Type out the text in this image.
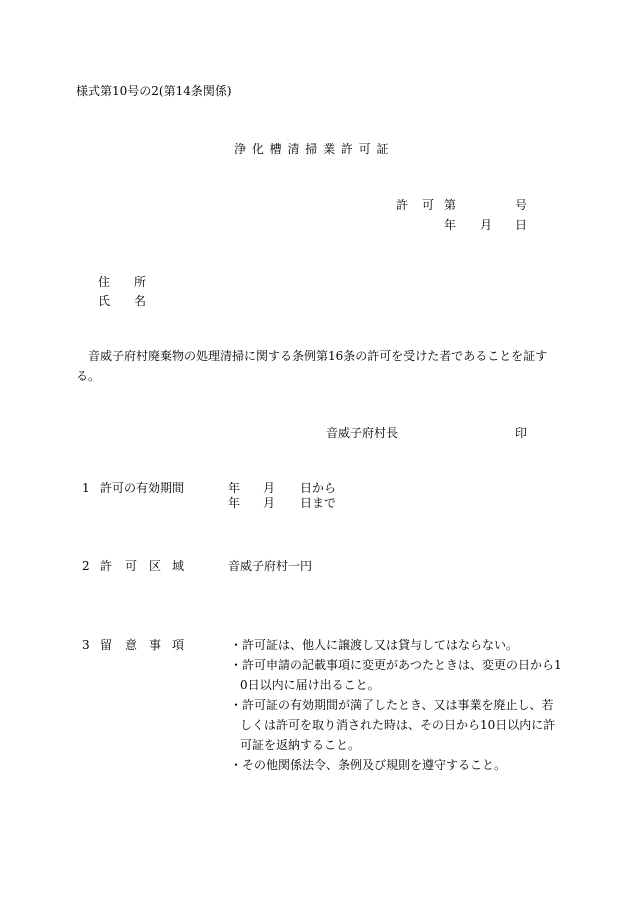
様式第10号の2(第14条関係)
浄 化 槽 清 掃 業 許 可 証
許 可 第	号
年 月 日
住 所
氏 名
音威子府村廃棄物の処理清掃に関する条例第16条の許可を受けた者であることを証す
る。
音威子府村長	印
1 許可の有効期間	年 月 日から
年 月 日まで
2 許 可 区 域	音威子府村一円
3 留 意 事 項	・許可証は、他人に譲渡し又は貸与してはならない。
・許可申請の記載事項に変更があつたときは、変更の日から1
0日以内に届け出ること。
・許可証の有効期間が満了したとき、又は事業を廃止し、若
しくは許可を取り消された時は、その日から10日以内に許
可証を返納すること。
・その他関係法令、条例及び規則を遵守すること。
